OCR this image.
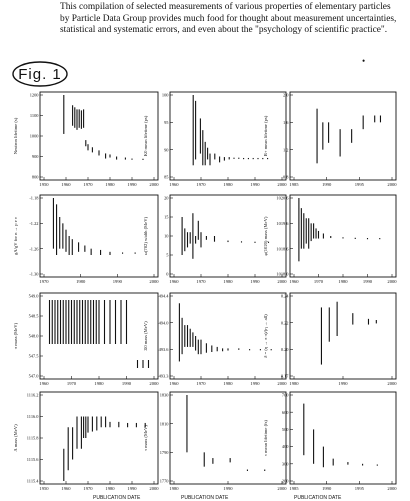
This compilation of selected measurements of various properties of elementary particles by Particle Data Group provides much food for thought about measurement uncertainties, statistical and systematic errors, and even about the "psychology of scientific practice".

Fig. 1
•
Neutron lifetime (s)
1200
1100
1000
900
800
1950	1960	1970	1980	1990	2000
K0 mean lifetime (ps)
100
95
90
85
1960	1970	1980	1990	2000
B+ mean lifetime (ps)
2.0
1.6
1.2
0.8
1985	1990	1995	2000
gA/gV for n → p e ν
-1.18
-1.22
-1.26
-1.30
1970	1980	1990	2000
ω(782) width (MeV)
20
15
10
5
0
1960	1970	1980	1990	2000
φ(1020) mass (MeV)
1020.6
1019.6
1018.6
1018.0
1960	1970	1980	1990	2000
π mass (MeV)
549.0
548.5
548.0
547.5
547.0
1960	1970	1980	1990	2000
Ξ0 mass (MeV)
494.4
494.0
493.6
493.3
1960	1970	1980	1990	2000
δ = (η → π π)/(η → all)
0.24
0.22
0.20
0.17
1980	1990	2000
Λ mass (MeV)
1116.2
1116.0
1115.8
1115.6
1115.4
1950	1960	1970	1980	1990	2000
τ mass (MeV)
1830
1810
1790
1770
1980	1990	2000
τ mean lifetime (fs)
700
600
500
400
300
200
1985	1990	1995	2000
PUBLICATION DATE	PUBLICATION DATE	PUBLICATION DATE
